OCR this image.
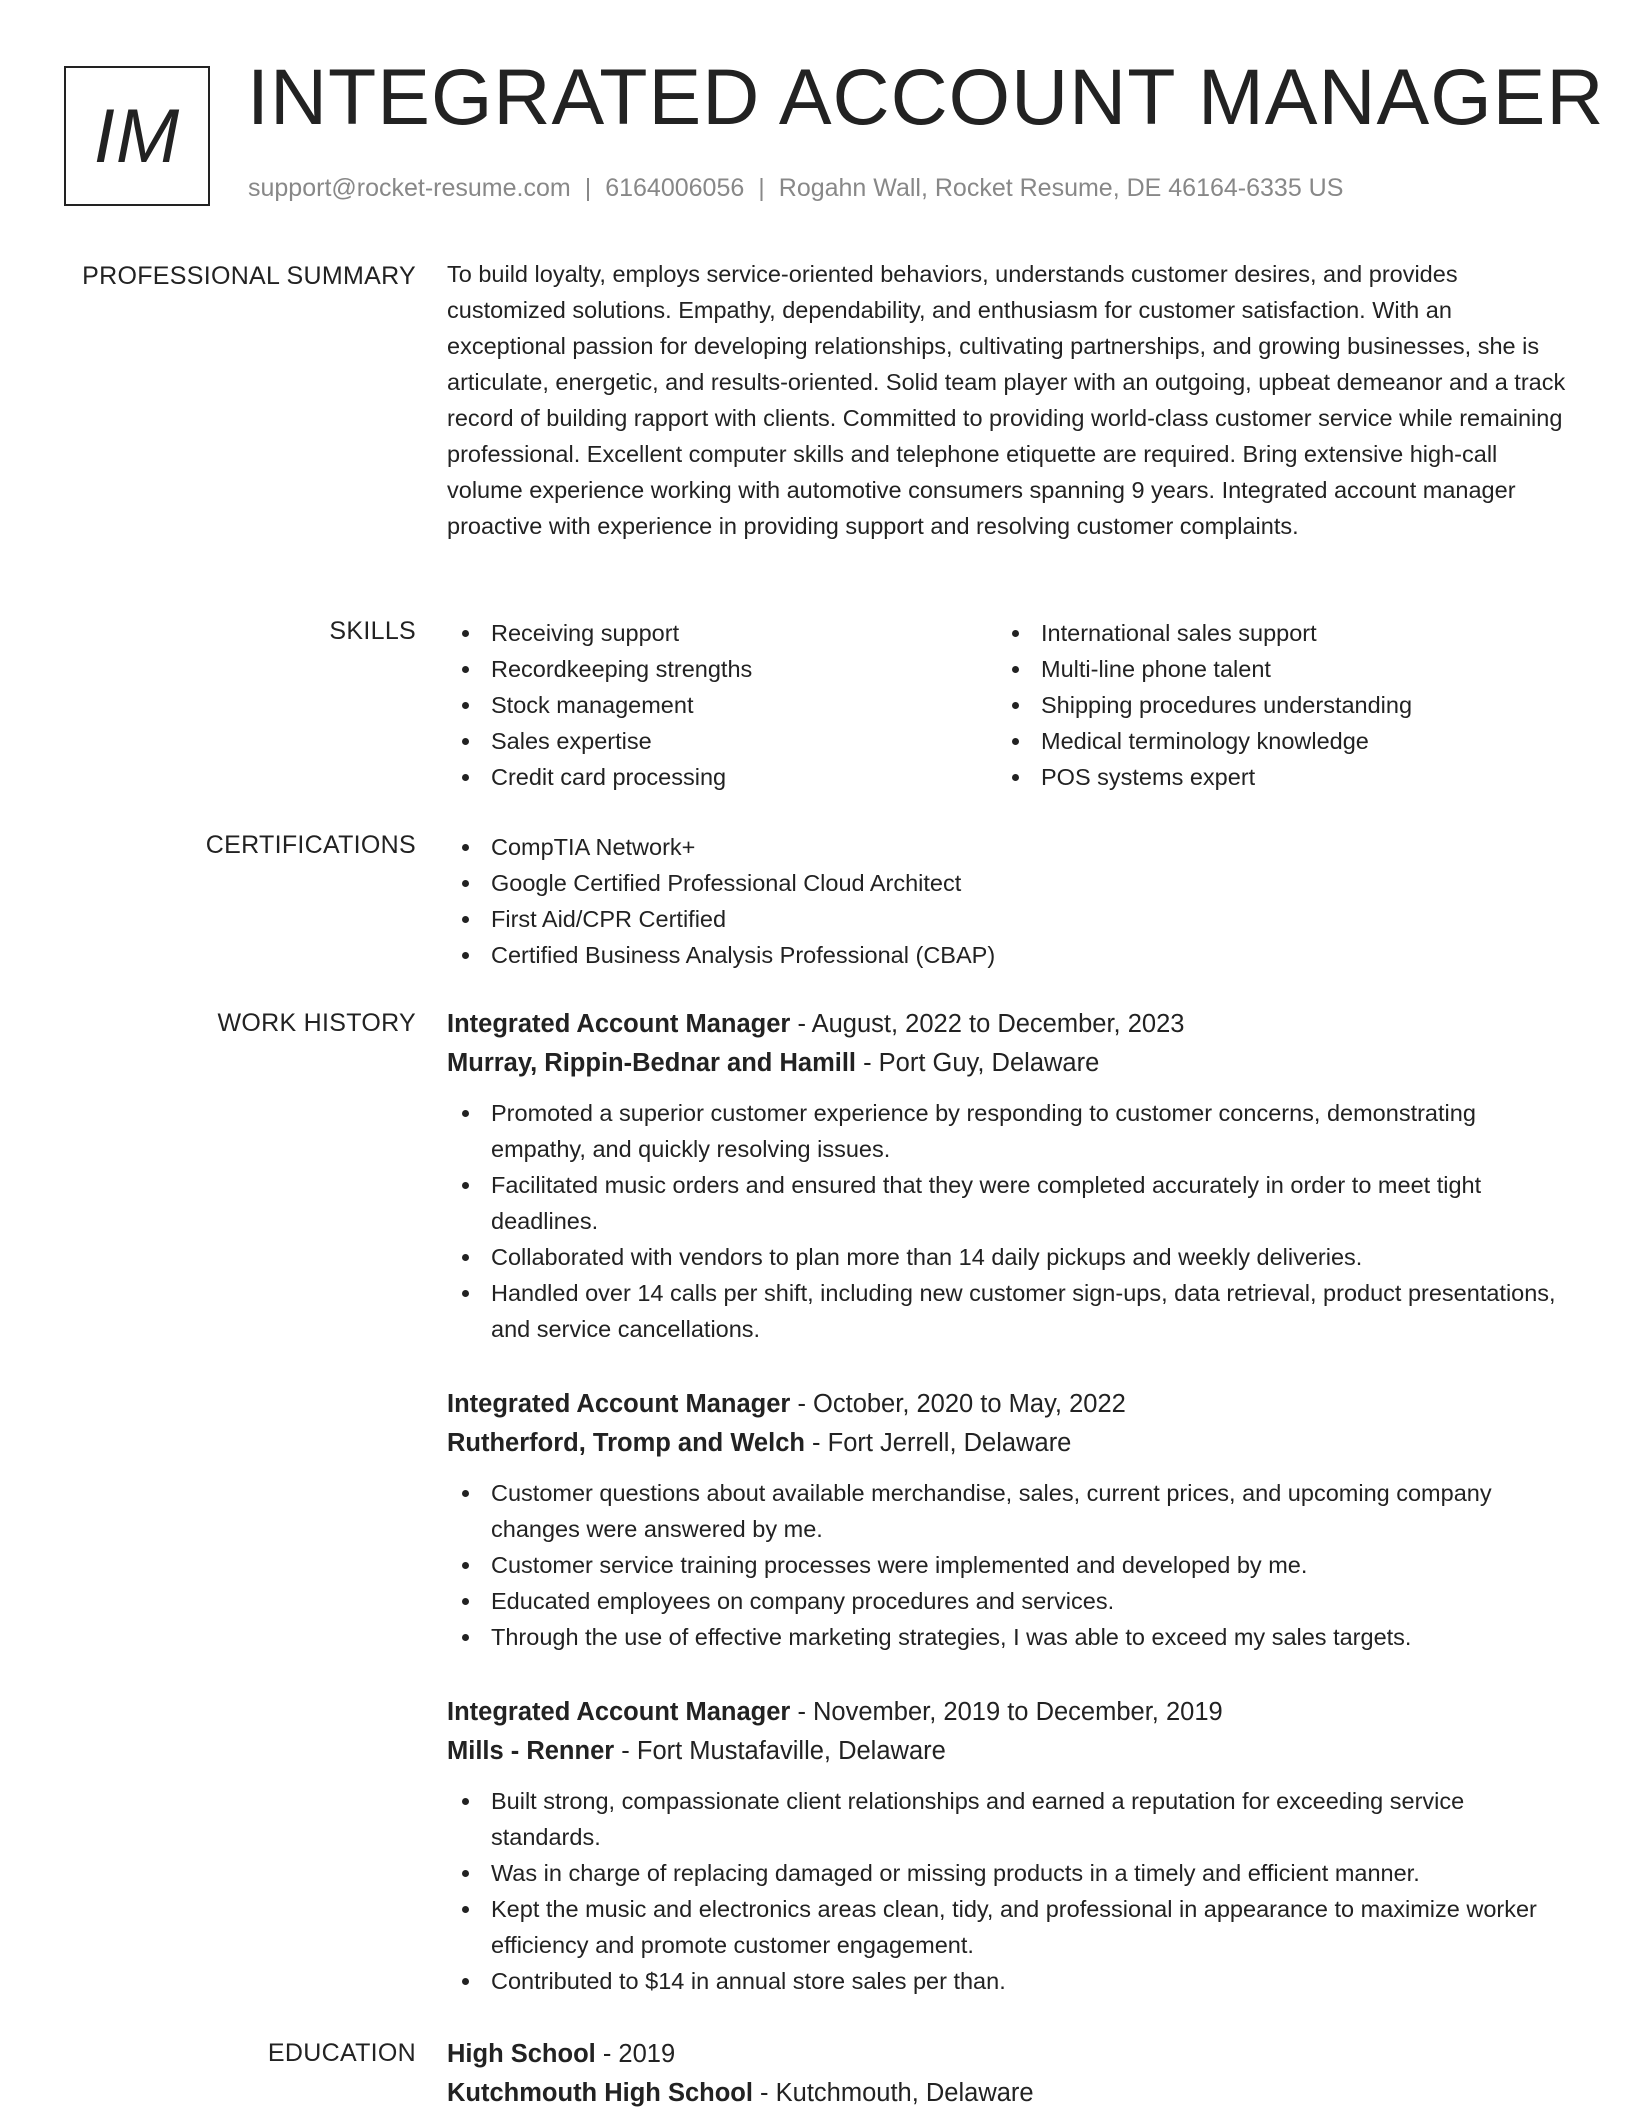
IM INTEGRATED ACCOUNT MANAGER
support@rocket-resume.com | 6164006056 | Rogahn Wall, Rocket Resume, DE 46164-6335 US
PROFESSIONAL SUMMARY To build loyalty, employs service-oriented behaviors, understands customer desires, and provides customized solutions. Empathy, dependability, and enthusiasm for customer satisfaction. With an exceptional passion for developing relationships, cultivating partnerships, and growing businesses, she is articulate, energetic, and results-oriented. Solid team player with an outgoing, upbeat demeanor and a track record of building rapport with clients. Committed to providing world-class customer service while remaining professional. Excellent computer skills and telephone etiquette are required. Bring extensive high-call volume experience working with automotive consumers spanning 9 years. Integrated account manager proactive with experience in providing support and resolving customer complaints.
SKILLS	Receiving support
Recordkeeping strengths
Stock management
Sales expertise
Credit card processing
International sales support
Multi-line phone talent
Shipping procedures understanding
Medical terminology knowledge
POS systems expert
CERTIFICATIONS	CompTIA Network+
Google Certified Professional Cloud Architect
First Aid/CPR Certified
Certified Business Analysis Professional (CBAP)
WORK HISTORY Integrated Account Manager - August, 2022 to December, 2023
Murray, Rippin-Bednar and Hamill - Port Guy, Delaware
Promoted a superior customer experience by responding to customer concerns, demonstrating empathy, and quickly resolving issues.
Facilitated music orders and ensured that they were completed accurately in order to meet tight deadlines.
Collaborated with vendors to plan more than 14 daily pickups and weekly deliveries.
Handled over 14 calls per shift, including new customer sign-ups, data retrieval, product presentations, and service cancellations.
Integrated Account Manager - October, 2020 to May, 2022
Rutherford, Tromp and Welch - Fort Jerrell, Delaware
Customer questions about available merchandise, sales, current prices, and upcoming company changes were answered by me.
Customer service training processes were implemented and developed by me.
Educated employees on company procedures and services.
Through the use of effective marketing strategies, I was able to exceed my sales targets.
Integrated Account Manager - November, 2019 to December, 2019
Mills - Renner - Fort Mustafaville, Delaware
Built strong, compassionate client relationships and earned a reputation for exceeding service standards.
Was in charge of replacing damaged or missing products in a timely and efficient manner.
Kept the music and electronics areas clean, tidy, and professional in appearance to maximize worker efficiency and promote customer engagement.
Contributed to $14 in annual store sales per than.
EDUCATION High School - 2019
Kutchmouth High School - Kutchmouth, Delaware
